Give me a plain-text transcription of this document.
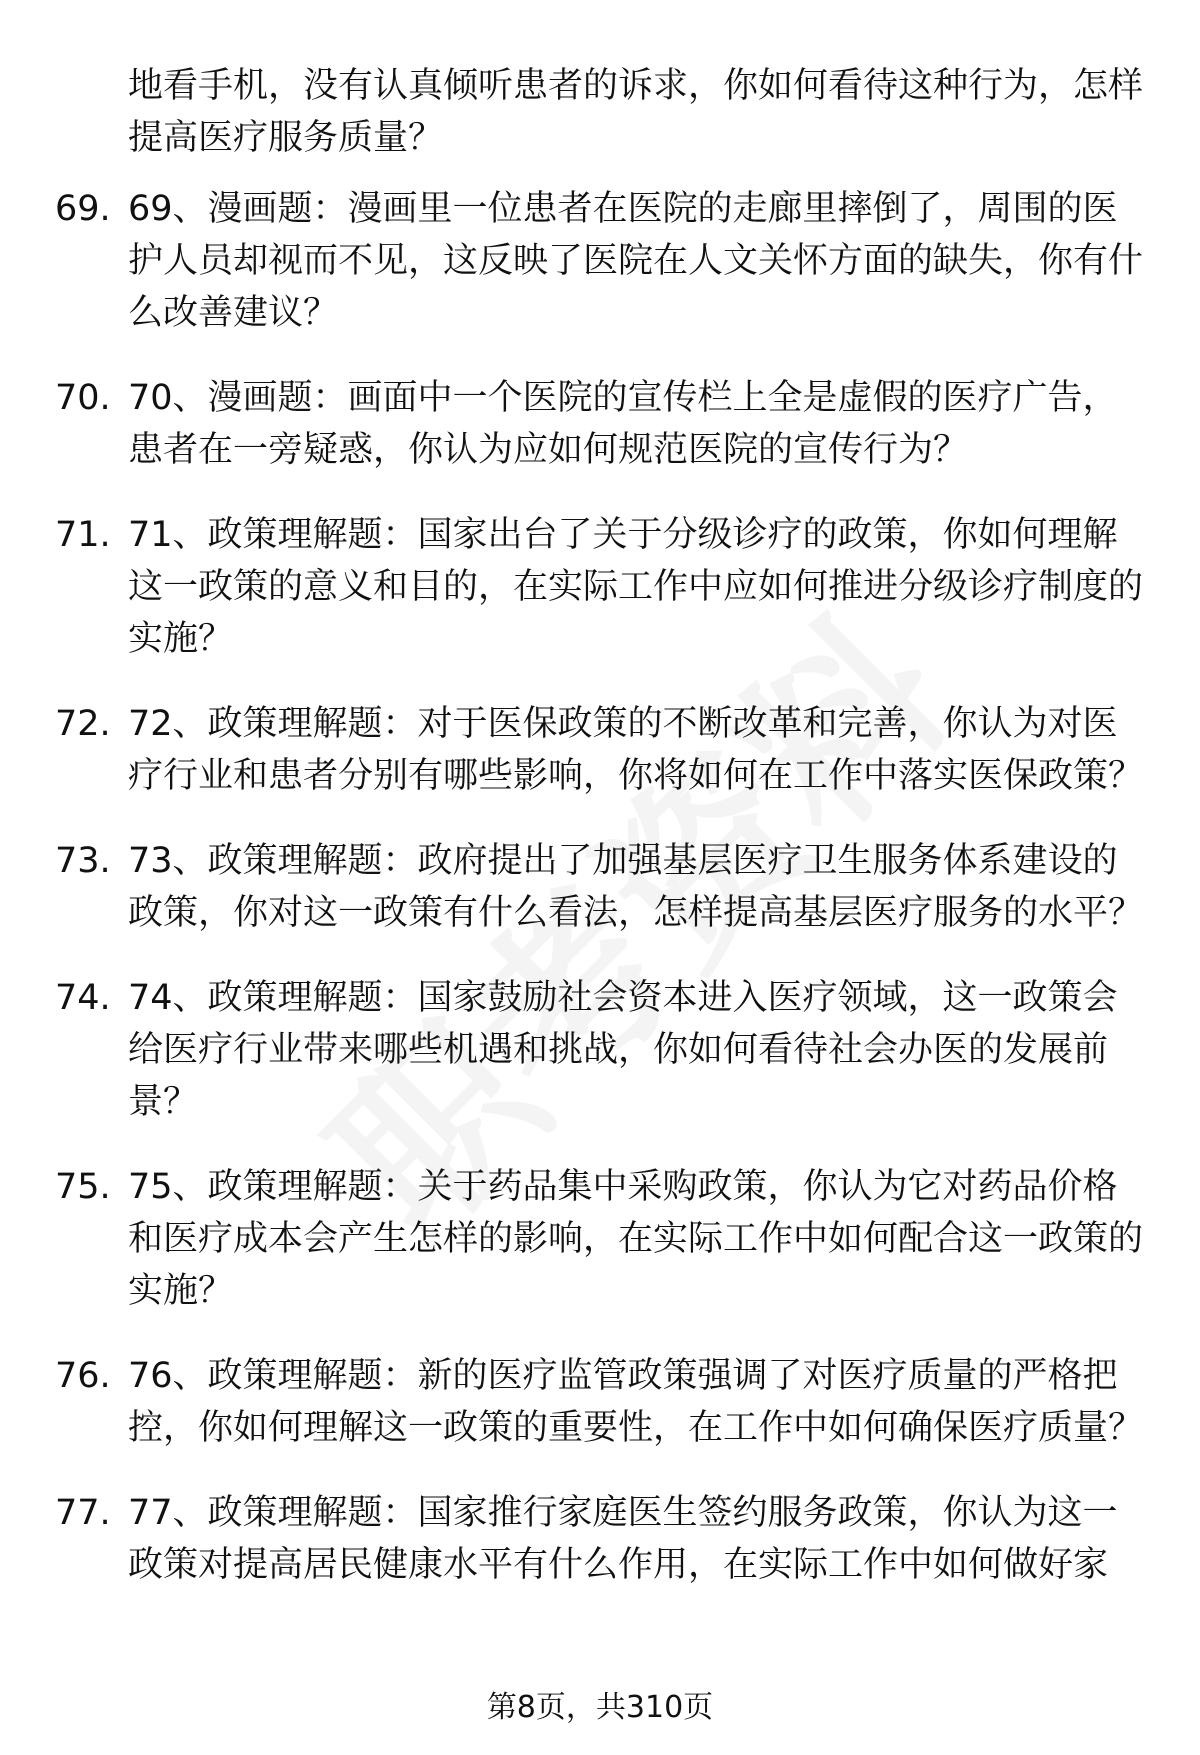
地看手机，没有认真倾听患者的诉求，你如何看待这种行为，怎样提高医疗服务质量？
69. 69、漫画题：漫画里一位患者在医院的走廊里摔倒了，周围的医护人员却视而不见，这反映了医院在人文关怀方面的缺失，你有什么改善建议？
70. 70、漫画题：画面中一个医院的宣传栏上全是虚假的医疗广告，患者在一旁疑惑，你认为应如何规范医院的宣传行为？
71. 71、政策理解题：国家出台了关于分级诊疗的政策，你如何理解这一政策的意义和目的，在实际工作中应如何推进分级诊疗制度的实施？
72. 72、政策理解题：对于医保政策的不断改革和完善，你认为对医疗行业和患者分别有哪些影响，你将如何在工作中落实医保政策？
73. 73、政策理解题：政府提出了加强基层医疗卫生服务体系建设的政策，你对这一政策有什么看法，怎样提高基层医疗服务的水平？
74. 74、政策理解题：国家鼓励社会资本进入医疗领域，这一政策会给医疗行业带来哪些机遇和挑战，你如何看待社会办医的发展前景？
75. 75、政策理解题：关于药品集中采购政策，你认为它对药品价格和医疗成本会产生怎样的影响，在实际工作中如何配合这一政策的实施？
76. 76、政策理解题：新的医疗监管政策强调了对医疗质量的严格把控，你如何理解这一政策的重要性，在工作中如何确保医疗质量？
77. 77、政策理解题：国家推行家庭医生签约服务政策，你认为这一政策对提高居民健康水平有什么作用，在实际工作中如何做好家
第8页，共310页
